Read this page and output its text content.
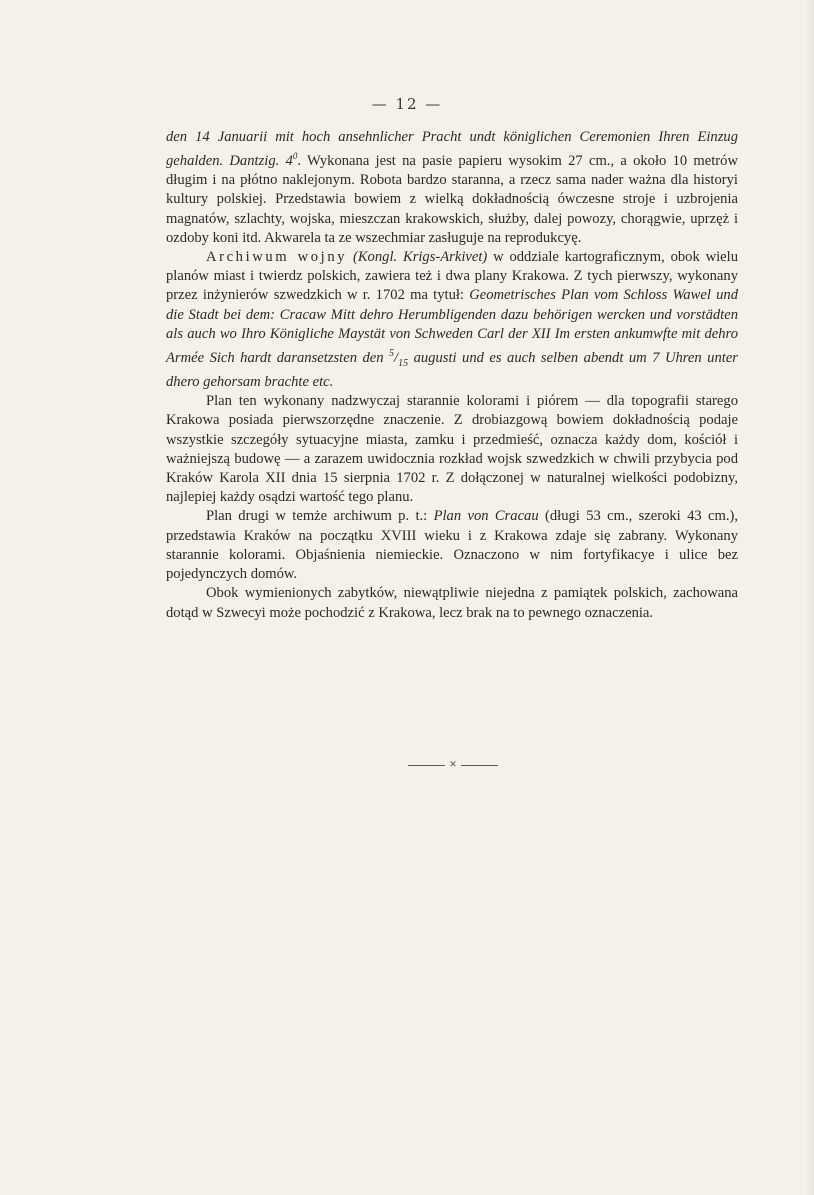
— 12 —

den 14 Januarii mit hoch ansehnlicher Pracht undt königlichen Ceremonien Ihren Einzug gehalden. Dantzig. $4^0$. Wykonana jest na pasie papieru wysokim 27 cm., a około 10 metrów długim i na płótno naklejonym. Robota bardzo staranna, a rzecz sama nader ważna dla historyi kultury polskiej. Przedstawia bowiem z wielką dokładnością ówczesne stroje i uzbrojenia magnatów, szlachty, wojska, mieszczan krakowskich, służby, dalej powozy, chorągwie, uprzęż i ozdoby koni itd. Akwarela ta ze wszechmiar zasługuje na reprodukcyę.

Archiwum wojny (Kongl. Krigs-Arkivet) w oddziale kartograficznym, obok wielu planów miast i twierdz polskich, zawiera też i dwa plany Krakowa. Z tych pierwszy, wykonany przez inżynierów szwedzkich w r. 1702 ma tytuł: Geometrisches Plan vom Schloss Wawel und die Stadt bei dem: Cracaw Mitt dehro Herumbligenden dazu behörigen wercken und vorstädten als auch wo Ihro Königliche Maystät von Schweden Carl der XII Im ersten ankumwfte mit dehro Armée Sich hardt daransetzsten den $^5/_{15}$ augusti und es auch selben abendt um 7 Uhren unter dhero gehorsam brachte etc.

Plan ten wykonany nadzwyczaj starannie kolorami i piórem — dla topografii starego Krakowa posiada pierwszorzędne znaczenie. Z drobiazgową bowiem dokładnością podaje wszystkie szczegóły sytuacyjne miasta, zamku i przedmieść, oznacza każdy dom, kościół i ważniejszą budowę — a zarazem uwidocznia rozkład wojsk szwedzkich w chwili przybycia pod Kraków Karola XII dnia 15 sierpnia 1702 r. Z dołączonej w naturalnej wielkości podobizny, najlepiej każdy osądzi wartość tego planu.

Plan drugi w temże archiwum p. t.: Plan von Cracau (długi 53 cm., szeroki 43 cm.), przedstawia Kraków na początku XVIII wieku i z Krakowa zdaje się zabrany. Wykonany starannie kolorami. Objaśnienia niemieckie. Oznaczono w nim fortyfikacye i ulice bez pojedynczych domów.

Obok wymienionych zabytków, niewątpliwie niejedna z pamiątek polskich, zachowana dotąd w Szwecyi może pochodzić z Krakowa, lecz brak na to pewnego oznaczenia.

✕
